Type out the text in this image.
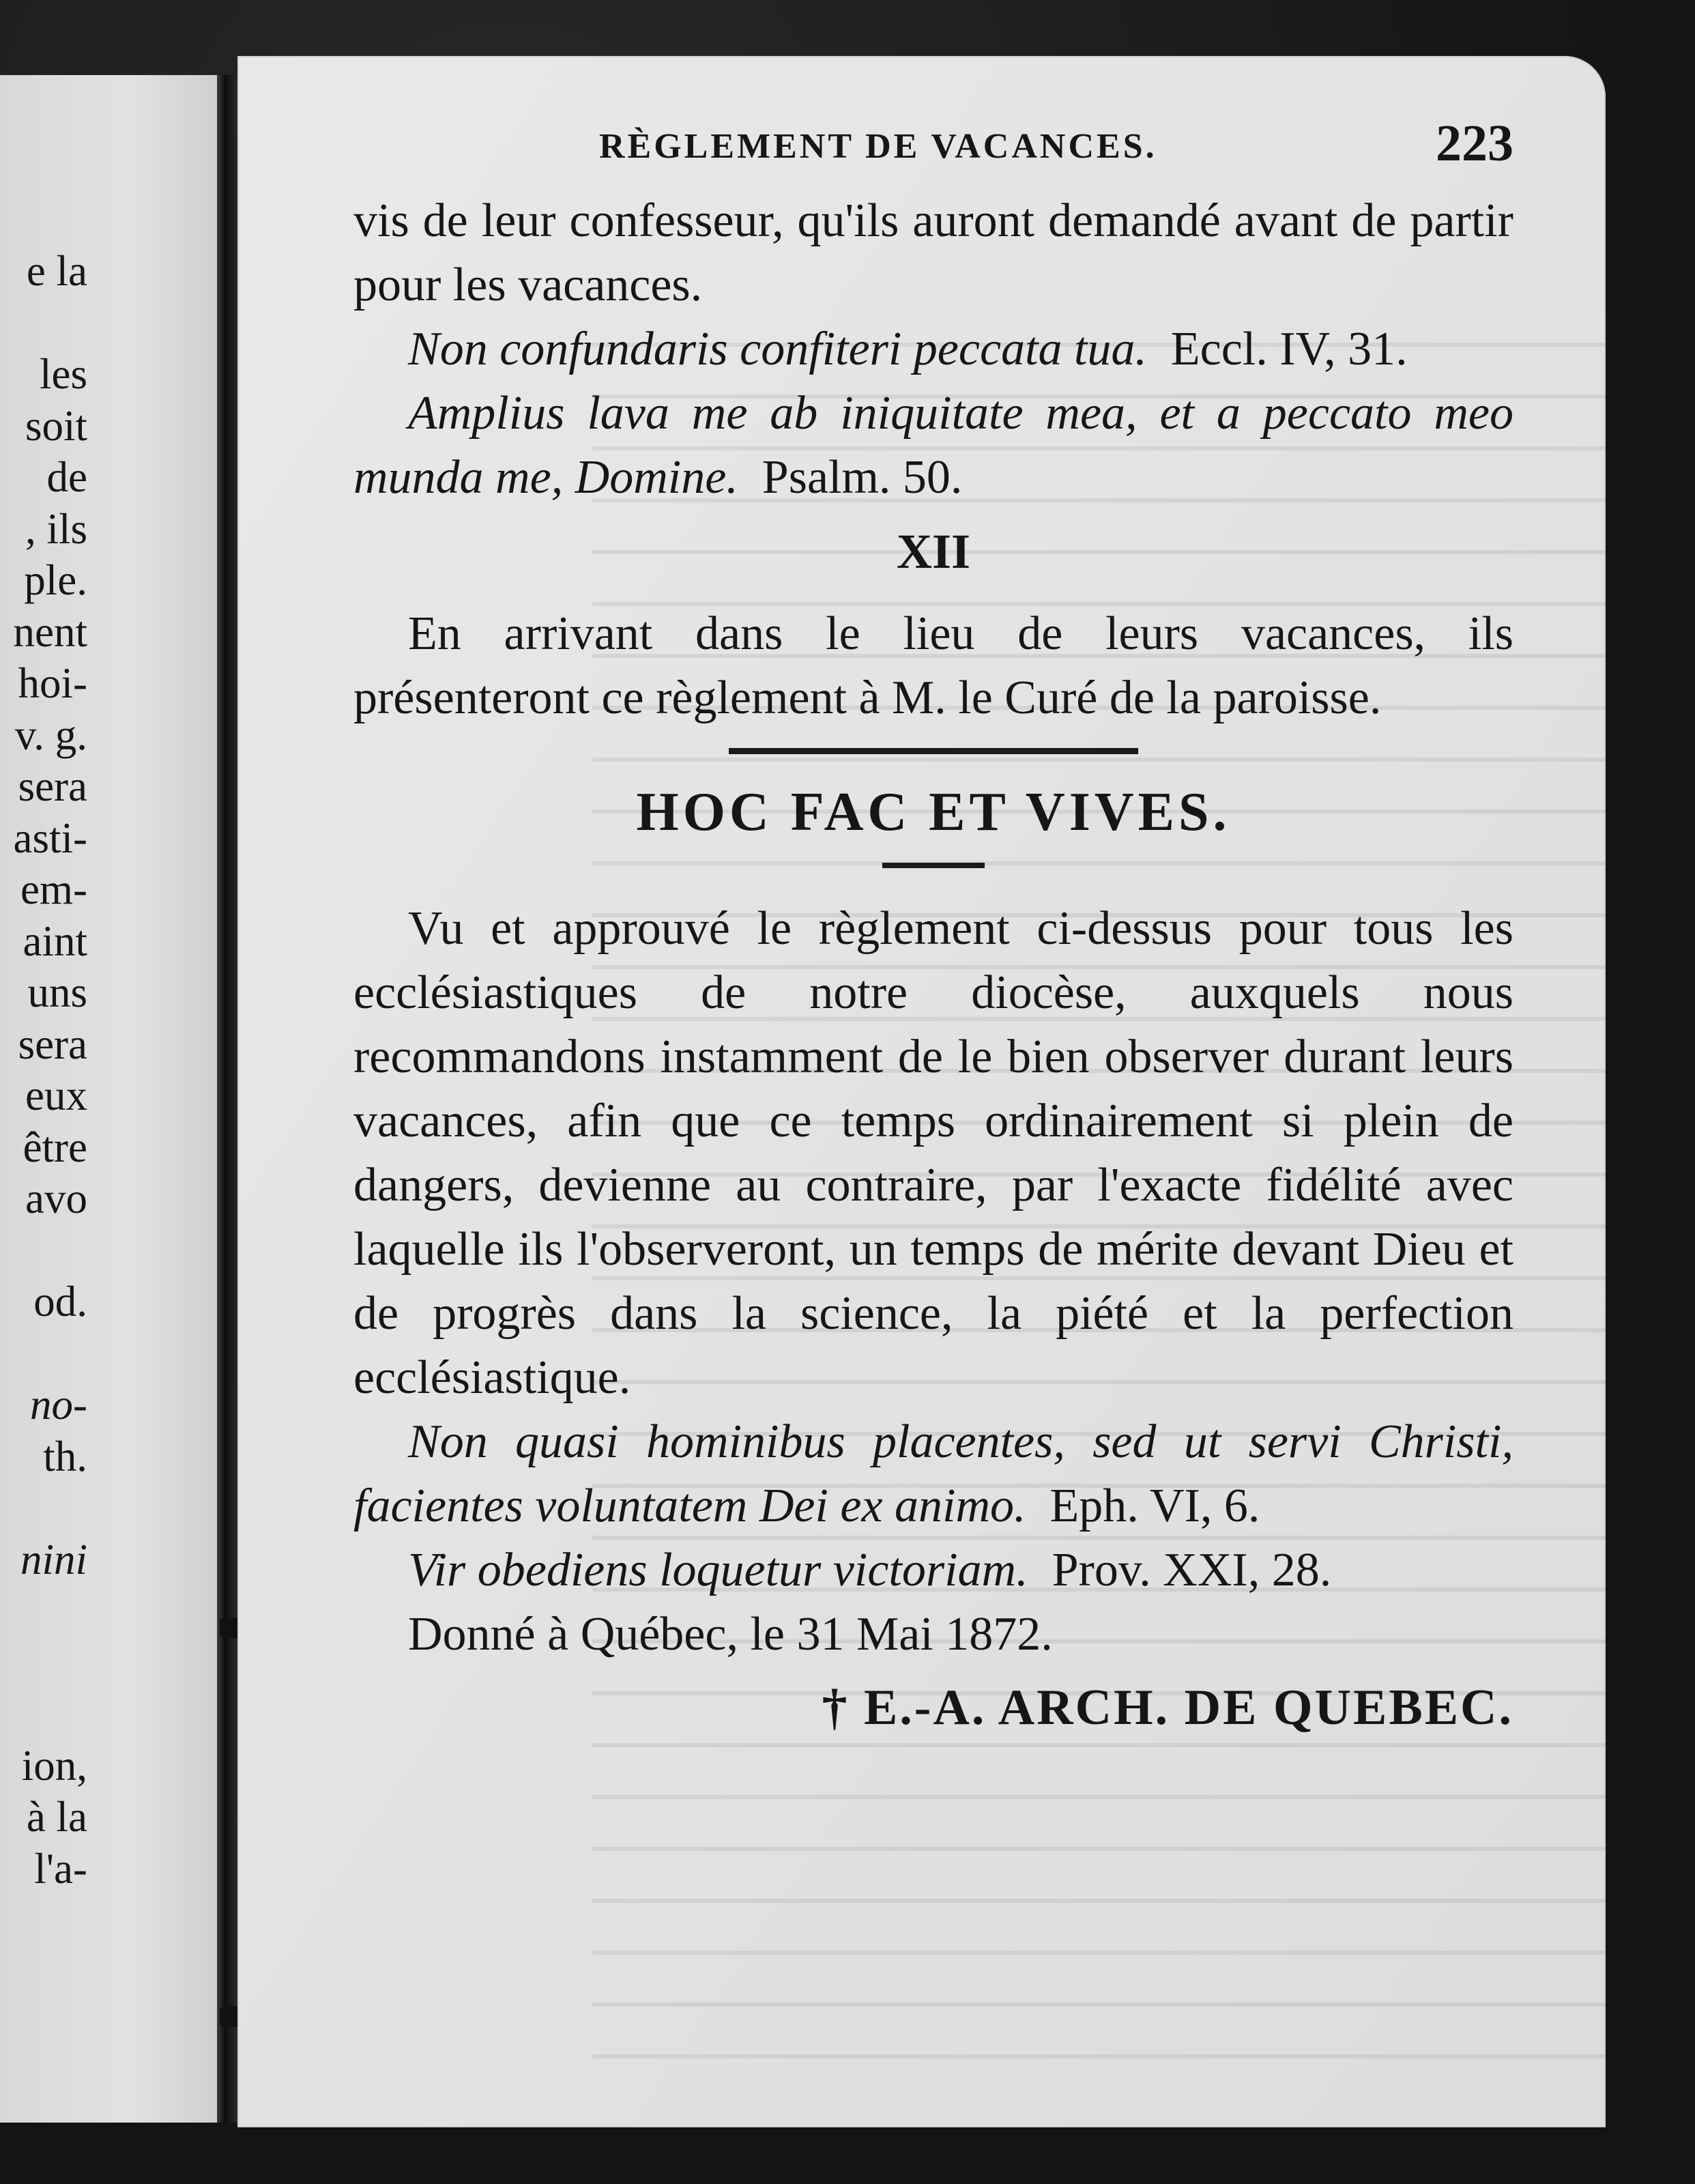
e la

les
soit
de
, ils
ple.
nent
hoi-
v. g.
sera
asti-
em-
aint
uns
sera
eux
être
avo

od.

no-
th.

nini

ion,
à la
l'a-
RÈGLEMENT DE VACANCES.	223

vis de leur confesseur, qu'ils auront demandé avant de partir pour les vacances.

Non confundaris confiteri peccata tua. Eccl. IV, 31.

Amplius lava me ab iniquitate mea, et a peccato meo munda me, Domine. Psalm. 50.

XII

En arrivant dans le lieu de leurs vacances, ils présenteront ce règlement à M. le Curé de la paroisse.

HOC FAC ET VIVES.

Vu et approuvé le règlement ci-dessus pour tous les ecclésiastiques de notre diocèse, auxquels nous recommandons instamment de le bien observer durant leurs vacances, afin que ce temps ordinairement si plein de dangers, devienne au contraire, par l'exacte fidélité avec laquelle ils l'observeront, un temps de mérite devant Dieu et de progrès dans la science, la piété et la perfection ecclésiastique.

Non quasi hominibus placentes, sed ut servi Christi, facientes voluntatem Dei ex animo. Eph. VI, 6.

Vir obediens loquetur victoriam. Prov. XXI, 28.

Donné à Québec, le 31 Mai 1872.

† E.-A. ARCH. DE QUEBEC.
